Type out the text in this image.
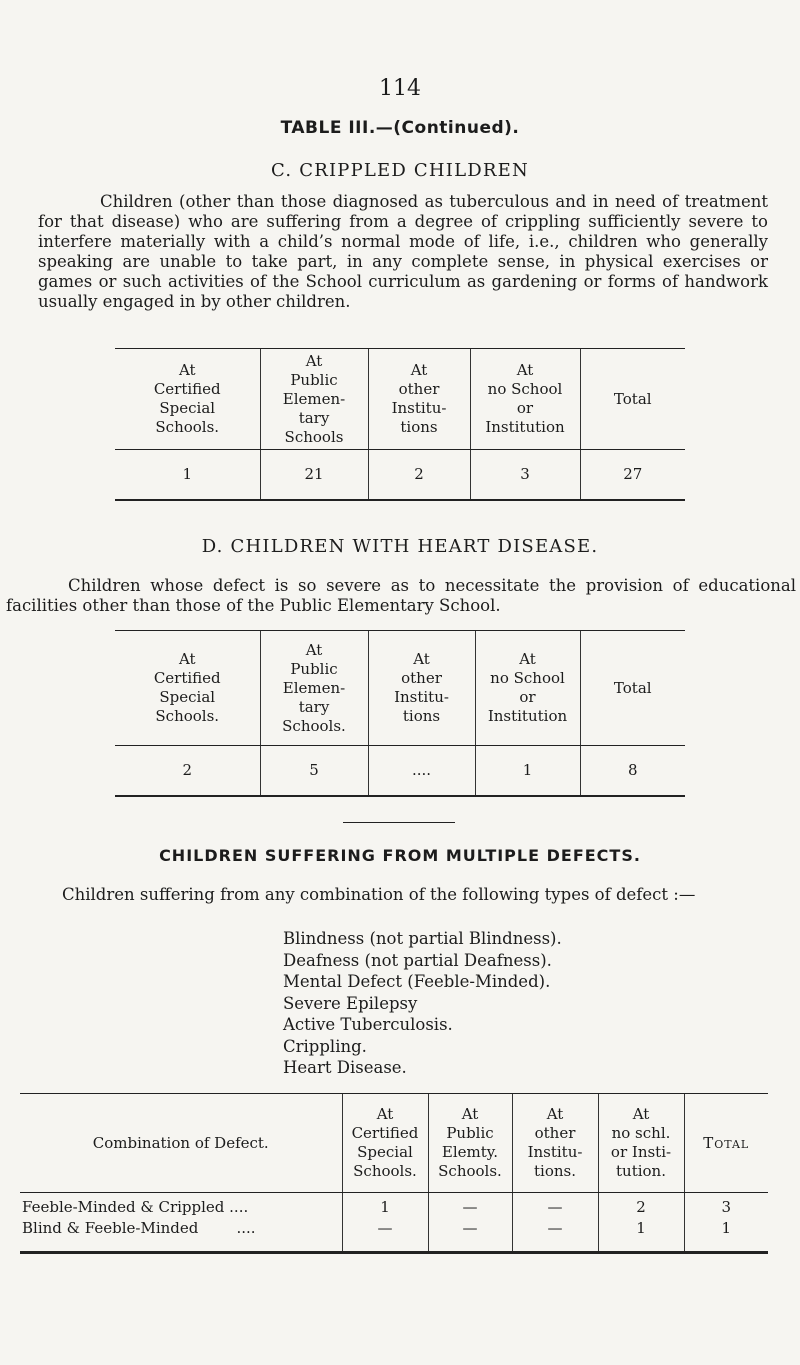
114
TABLE III.—(Continued).
C. CRIPPLED CHILDREN

Children (other than those diagnosed as tuberculous and in need of treatment for that disease) who are suffering from a degree of crippling sufficiently severe to interfere materially with a child’s normal mode of life, i.e., children who generally speaking are unable to take part, in any complete sense, in physical exercises or games or such activities of the School curriculum as gardening or forms of handwork usually engaged in by other children.

At
Certified
Special
Schools.	At
Public
Elemen-
tary
Schools	At
other
Institu-
tions	At
no School
or
Institution	Total
1	21	2	3	27
D. CHILDREN WITH HEART DISEASE.

Children whose defect is so severe as to necessitate the provision of educational facilities other than those of the Public Elementary School.

At
Certified
Special
Schools.	At
Public
Elemen-
tary
Schools.	At
other
Institu-
tions	At
no School
or
Institution	Total
2	5	....	1	8
CHILDREN SUFFERING FROM MULTIPLE DEFECTS.

Children suffering from any combination of the following types of defect :—

Blindness (not partial Blindness).
Deafness (not partial Deafness).
Mental Defect (Feeble-Minded).
Severe Epilepsy
Active Tuberculosis.
Crippling.
Heart Disease.
Combination of Defect.	At
Certified
Special
Schools.	At
Public
Elemty.
Schools.	At
other
Institu-
tions.	At
no schl.
or Insti-
tution.	Total
Feeble-Minded & Crippled ....	1	—	—	2	3
Blind & Feeble-Minded        ....	—	—	—	1	1
